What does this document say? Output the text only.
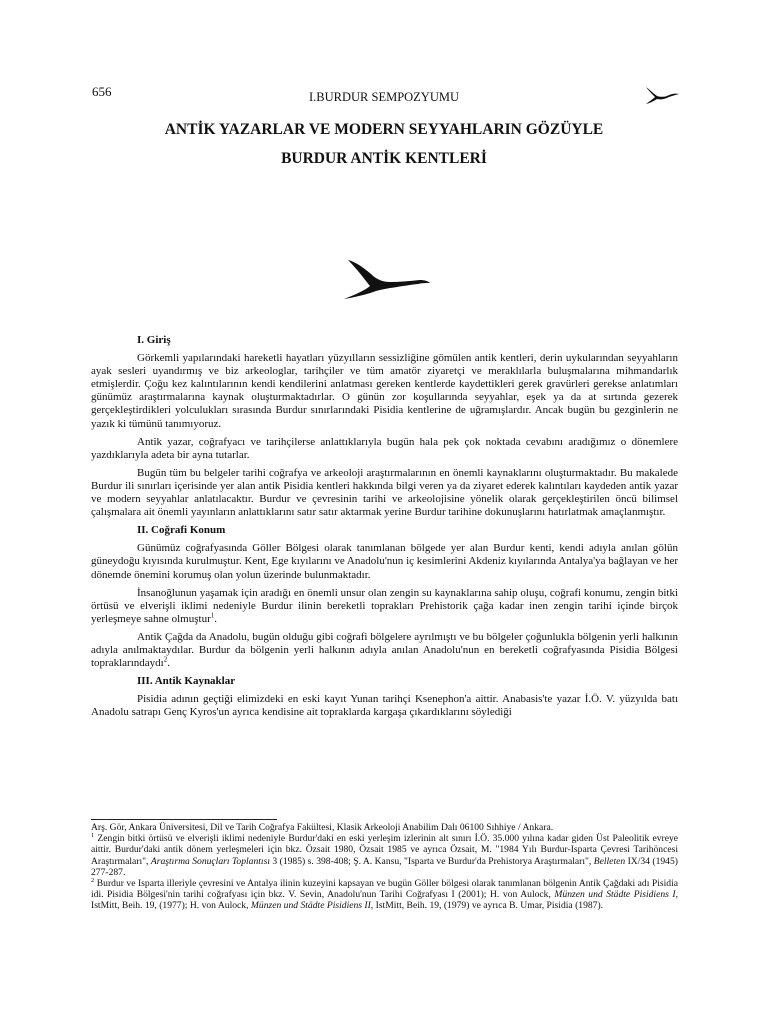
656	I.BURDUR SEMPOZYUMU
ANTİK YAZARLAR VE MODERN SEYYAHLARIN GÖZÜYLE
BURDUR ANTİK KENTLERİ
I. Giriş

Görkemli yapılarındaki hareketli hayatları yüzyılların sessizliğine gömülen antik kentleri, derin uykularından seyyahların ayak sesleri uyandırmış ve biz arkeologlar, tarihçiler ve tüm amatör ziyaretçi ve meraklılarla buluşmalarına mihmandarlık etmişlerdir. Çoğu kez kalıntılarının kendi kendilerini anlatması gereken kentlerde kaydettikleri gerek gravürleri gerekse anlatımları günümüz araştırmalarına kaynak oluşturmaktadırlar. O günün zor koşullarında seyyahlar, eşek ya da at sırtında gezerek gerçekleştirdikleri yolculukları sırasında Burdur sınırlarındaki Pisidia kentlerine de uğramışlardır. Ancak bugün bu gezginlerin ne yazık ki tümünü tanımıyoruz.

Antik yazar, coğrafyacı ve tarihçilerse anlattıklarıyla bugün hala pek çok noktada cevabını aradığımız o dönemlere yazdıklarıyla adeta bir ayna tutarlar.

Bugün tüm bu belgeler tarihi coğrafya ve arkeoloji araştırmalarının en önemli kaynaklarını oluşturmaktadır. Bu makalede Burdur ili sınırları içerisinde yer alan antik Pisidia kentleri hakkında bilgi veren ya da ziyaret ederek kalıntıları kaydeden antik yazar ve modern seyyahlar anlatılacaktır. Burdur ve çevresinin tarihi ve arkeolojisine yönelik olarak gerçekleştirilen öncü bilimsel çalışmalara ait önemli yayınların anlattıklarını satır satır aktarmak yerine Burdur tarihine dokunuşlarını hatırlatmak amaçlanmıştır.

II. Coğrafi Konum

Günümüz coğrafyasında Göller Bölgesi olarak tanımlanan bölgede yer alan Burdur kenti, kendi adıyla anılan gölün güneydoğu kıyısında kurulmuştur. Kent, Ege kıyılarını ve Anadolu'nun iç kesimlerini Akdeniz kıyılarında Antalya'ya bağlayan ve her dönemde önemini korumuş olan yolun üzerinde bulunmaktadır.

İnsanoğlunun yaşamak için aradığı en önemli unsur olan zengin su kaynaklarına sahip oluşu, coğrafi konumu, zengin bitki örtüsü ve elverişli iklimi nedeniyle Burdur ilinin bereketli toprakları Prehistorik çağa kadar inen zengin tarihi içinde birçok yerleşmeye sahne olmuştur$^1$.

Antik Çağda da Anadolu, bugün olduğu gibi coğrafi bölgelere ayrılmıştı ve bu bölgeler çoğunlukla bölgenin yerli halkının adıyla anılmaktaydılar. Burdur da bölgenin yerli halkının adıyla anılan Anadolu'nun en bereketli coğrafyasında Pisidia Bölgesi topraklarındaydı$^2$.

III. Antik Kaynaklar

Pisidia adının geçtiği elimizdeki en eski kayıt Yunan tarihçi Ksenephon'a aittir. Anabasis'te yazar İ.Ö. V. yüzyılda batı Anadolu satrapı Genç Kyros'un ayrıca kendisine ait topraklarda kargaşa çıkardıklarını söylediği

Arş. Gör, Ankara Üniversitesi, Dil ve Tarih Coğrafya Fakültesi, Klasik Arkeoloji Anabilim Dalı 06100 Sıhhiye / Ankara.

$^1$ Zengin bitki örtüsü ve elverişli iklimi nedeniyle Burdur'daki en eski yerleşim izlerinin alt sınırı İ.Ö. 35.000 yılına kadar giden Üst Paleolitik evreye aittir. Burdur'daki antik dönem yerleşmeleri için bkz. Özsait 1980, Özsait 1985 ve ayrıca Özsait, M. "1984 Yılı Burdur-Isparta Çevresi Tarihöncesi Araştırmaları", Araştırma Sonuçları Toplantısı 3 (1985) s. 398-408; Ş. A. Kansu, "Isparta ve Burdur'da Prehistorya Araştırmaları", Belleten IX/34 (1945) 277-287.

$^2$ Burdur ve Isparta illeriyle çevresini ve Antalya ilinin kuzeyini kapsayan ve bugün Göller bölgesi olarak tanımlanan bölgenin Antik Çağdaki adı Pisidia idi. Pisidia Bölgesi'nin tarihi coğrafyası için bkz. V. Sevin, Anadolu'nun Tarihi Coğrafyası I (2001); H. von Aulock, Münzen und Städte Pisidiens I, IstMitt, Beih. 19, (1977); H. von Aulock, Münzen und Städte Pisidiens II, IstMitt, Beih. 19, (1979) ve ayrıca B. Umar, Pisidia (1987).
